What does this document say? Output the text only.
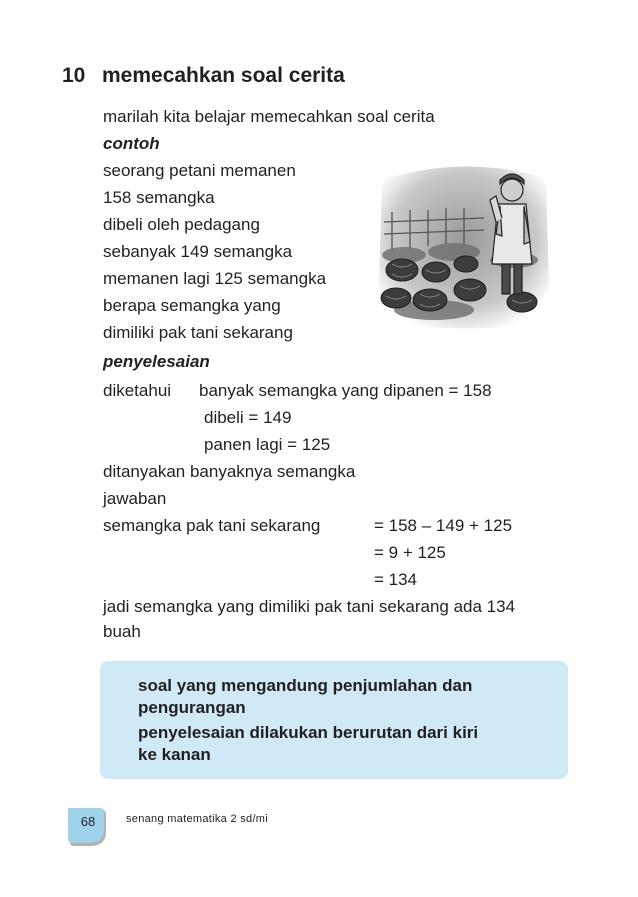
10 memecahkan soal cerita
marilah kita belajar memecahkan soal cerita
contoh
seorang petani memanen
158 semangka
dibeli oleh pedagang
sebanyak 149 semangka
memanen lagi 125 semangka
berapa semangka yang
dimiliki pak tani sekarang
penyelesaian
diketahui banyak semangka yang dipanen = 158
dibeli = 149
panen lagi = 125
ditanyakan banyaknya semangka
jawaban
semangka pak tani sekarang	= 158 – 149 + 125
= 9 + 125
= 134
jadi semangka yang dimiliki pak tani sekarang ada 134
buah
soal yang mengandung penjumlahan dan
pengurangan
penyelesaian dilakukan berurutan dari kiri
ke kanan
68	senang matematika 2 sd/mi
